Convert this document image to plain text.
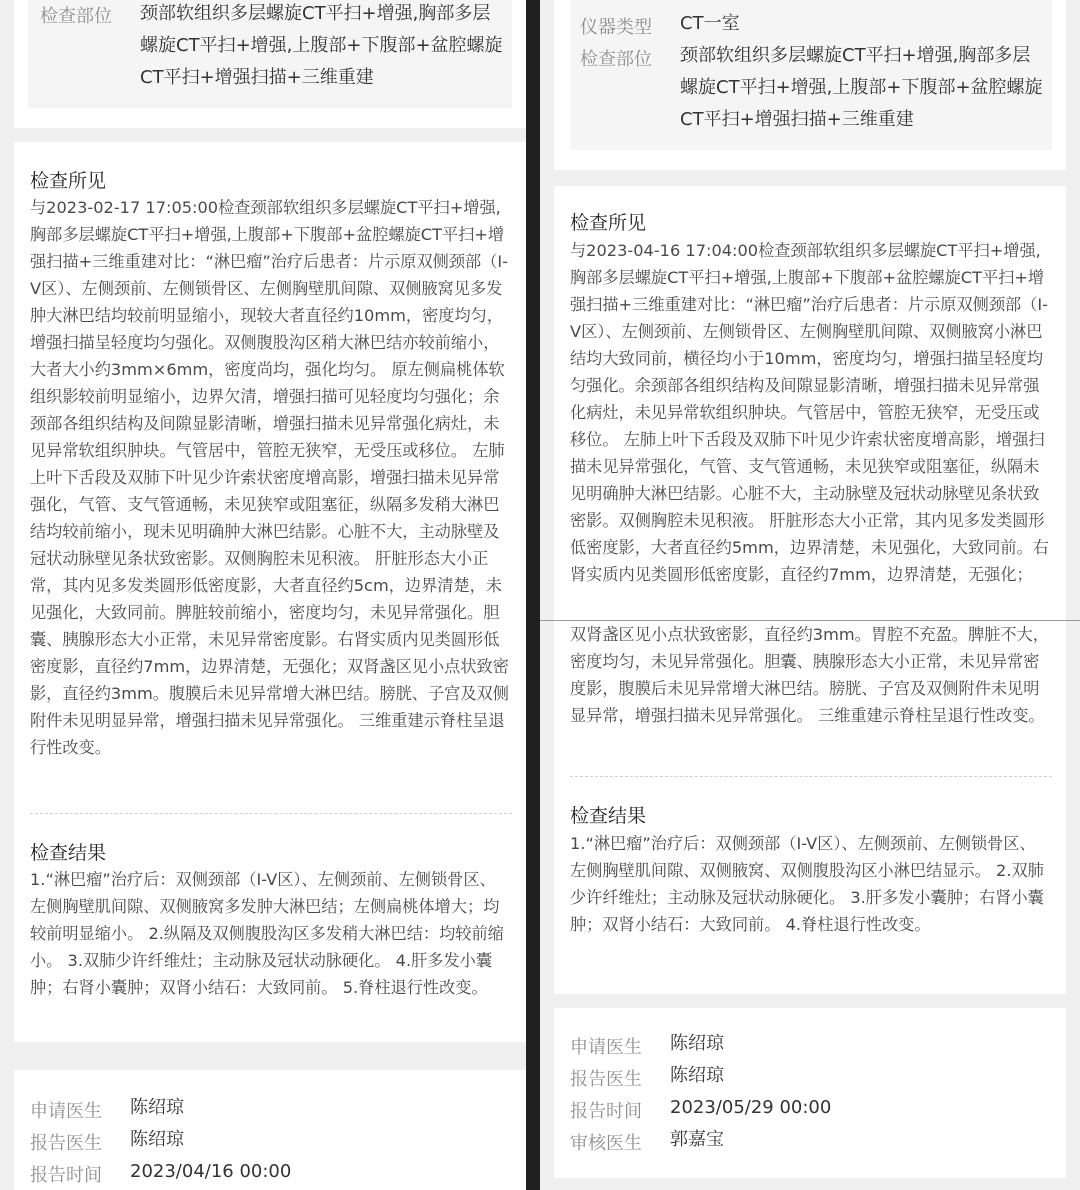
检查部位 颈部软组织多层螺旋CT平扫+增强,胸部多层螺旋CT平扫+增强,上腹部+下腹部+盆腔螺旋CT平扫+增强扫描+三维重建
检查所见
与2023-02-17 17:05:00检查颈部软组织多层螺旋CT平扫+增强,胸部多层螺旋CT平扫+增强,上腹部+下腹部+盆腔螺旋CT平扫+增强扫描+三维重建对比：“淋巴瘤”治疗后患者：片示原双侧颈部（I-V区）、左侧颈前、左侧锁骨区、左侧胸壁肌间隙、双侧腋窝见多发肿大淋巴结均较前明显缩小，现较大者直径约10mm，密度均匀，增强扫描呈轻度均匀强化。双侧腹股沟区稍大淋巴结亦较前缩小，大者大小约3mm×6mm，密度尚均，强化均匀。 原左侧扁桃体软组织影较前明显缩小，边界欠清，增强扫描可见轻度均匀强化；余颈部各组织结构及间隙显影清晰，增强扫描未见异常强化病灶，未见异常软组织肿块。气管居中，管腔无狭窄，无受压或移位。 左肺上叶下舌段及双肺下叶见少许索状密度增高影，增强扫描未见异常强化，气管、支气管通畅，未见狭窄或阻塞征，纵隔多发稍大淋巴结均较前缩小，现未见明确肿大淋巴结影。心脏不大，主动脉壁及冠状动脉壁见条状致密影。双侧胸腔未见积液。 肝脏形态大小正常，其内见多发类圆形低密度影，大者直径约5cm，边界清楚，未见强化，大致同前。脾脏较前缩小，密度均匀，未见异常强化。胆囊、胰腺形态大小正常，未见异常密度影。右肾实质内见类圆形低密度影，直径约7mm，边界清楚，无强化；双肾盏区见小点状致密影，直径约3mm。腹膜后未见异常增大淋巴结。膀胱、子宫及双侧附件未见明显异常，增强扫描未见异常强化。 三维重建示脊柱呈退行性改变。
检查结果
1.“淋巴瘤”治疗后：双侧颈部（I-V区）、左侧颈前、左侧锁骨区、左侧胸壁肌间隙、双侧腋窝多发肿大淋巴结；左侧扁桃体增大；均较前明显缩小。 2.纵隔及双侧腹股沟区多发稍大淋巴结：均较前缩小。 3.双肺少许纤维灶；主动脉及冠状动脉硬化。 4.肝多发小囊肿；右肾小囊肿；双肾小结石：大致同前。 5.脊柱退行性改变。
申请医生 陈绍琼
报告医生 陈绍琼
报告时间 2023/04/16 00:00
仪器类型 CT一室
检查部位 颈部软组织多层螺旋CT平扫+增强,胸部多层螺旋CT平扫+增强,上腹部+下腹部+盆腔螺旋CT平扫+增强扫描+三维重建
检查所见
与2023-04-16 17:04:00检查颈部软组织多层螺旋CT平扫+增强,胸部多层螺旋CT平扫+增强,上腹部+下腹部+盆腔螺旋CT平扫+增强扫描+三维重建对比：“淋巴瘤”治疗后患者：片示原双侧颈部（I-V区）、左侧颈前、左侧锁骨区、左侧胸壁肌间隙、双侧腋窝小淋巴结均大致同前，横径均小于10mm，密度均匀，增强扫描呈轻度均匀强化。余颈部各组织结构及间隙显影清晰，增强扫描未见异常强化病灶，未见异常软组织肿块。气管居中，管腔无狭窄，无受压或移位。 左肺上叶下舌段及双肺下叶见少许索状密度增高影，增强扫描未见异常强化，气管、支气管通畅，未见狭窄或阻塞征，纵隔未见明确肿大淋巴结影。心脏不大，主动脉壁及冠状动脉壁见条状致密影。双侧胸腔未见积液。 肝脏形态大小正常，其内见多发类圆形低密度影，大者直径约5mm，边界清楚，未见强化，大致同前。右肾实质内见类圆形低密度影，直径约7mm，边界清楚，无强化；
双肾盏区见小点状致密影，直径约3mm。胃腔不充盈。脾脏不大，密度均匀，未见异常强化。胆囊、胰腺形态大小正常，未见异常密度影，腹膜后未见异常增大淋巴结。膀胱、子宫及双侧附件未见明显异常，增强扫描未见异常强化。 三维重建示脊柱呈退行性改变。
检查结果
1.“淋巴瘤”治疗后：双侧颈部（I-V区）、左侧颈前、左侧锁骨区、左侧胸壁肌间隙、双侧腋窝、双侧腹股沟区小淋巴结显示。 2.双肺少许纤维灶；主动脉及冠状动脉硬化。 3.肝多发小囊肿；右肾小囊肿；双肾小结石：大致同前。 4.脊柱退行性改变。
申请医生 陈绍琼
报告医生 陈绍琼
报告时间 2023/05/29 00:00
审核医生 郭嘉宝
